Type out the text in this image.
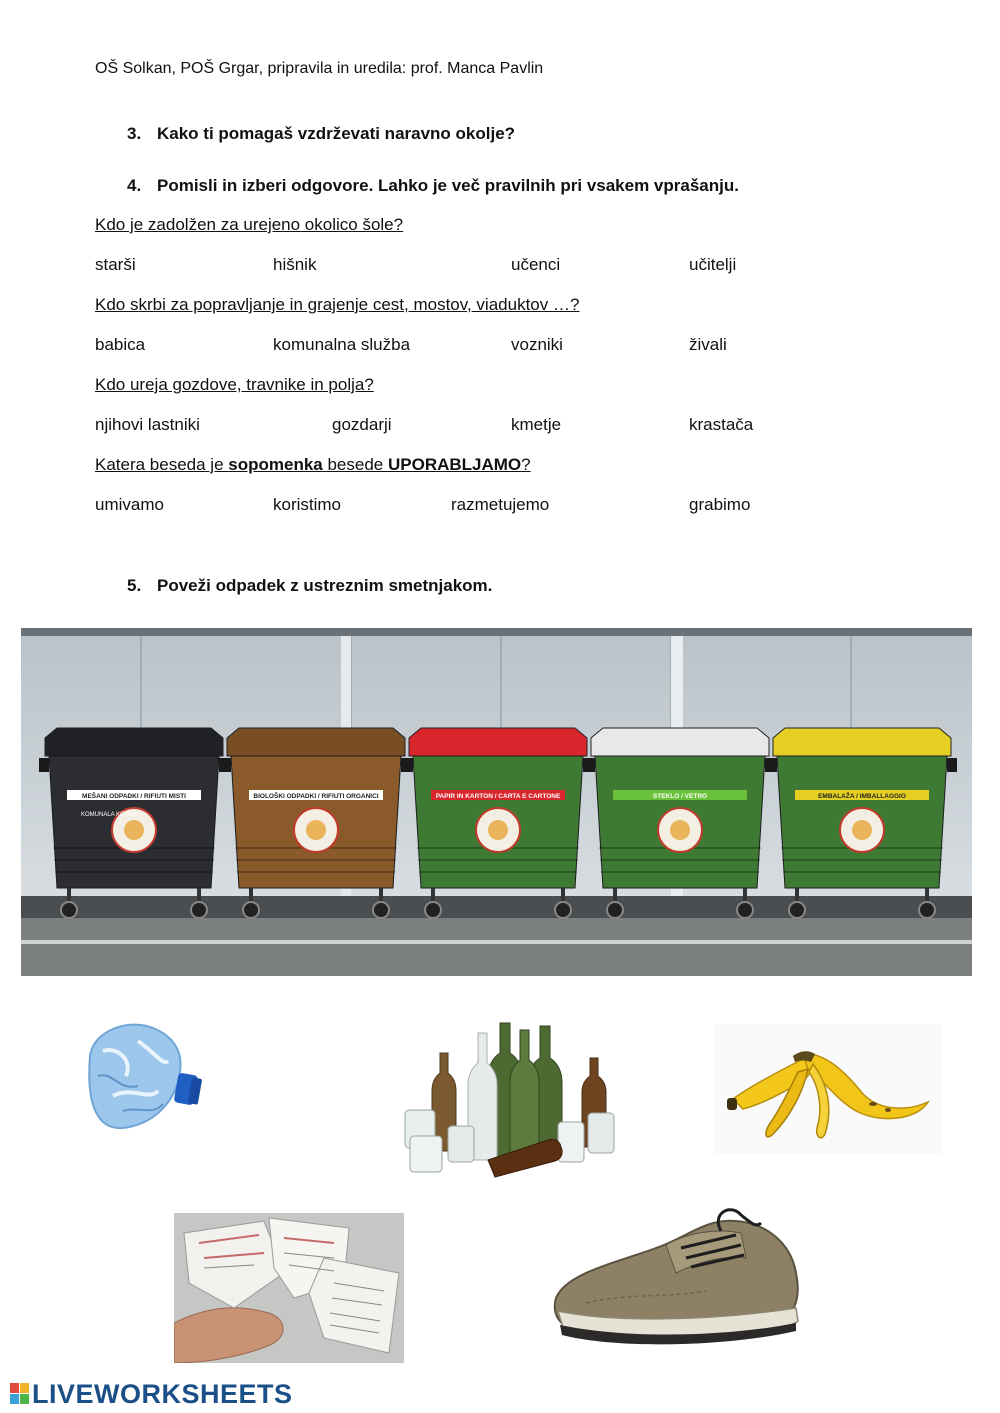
OŠ Solkan, POŠ Grgar, pripravila in uredila: prof. Manca Pavlin
3. Kako ti pomagaš vzdrževati naravno okolje?
4. Pomisli in izberi odgovore. Lahko je več pravilnih pri vsakem vprašanju.
Kdo je zadolžen za urejeno okolico šole?
starši	hišnik	učenci	učitelji
Kdo skrbi za popravljanje in grajenje cest, mostov, viaduktov …?
babica	komunalna služba	vozniki	živali
Kdo ureja gozdove, travnike in polja?
njihovi lastniki	gozdarji	kmetje	krastača
Katera beseda je sopomenka besede UPORABLJAMO?
umivamo	koristimo	razmetujemo	grabimo
5. Poveži odpadek z ustreznim smetnjakom.
MEŠANI ODPADKI / RIFIUTI MISTI
KOMUNALA KOPER
BIOLOŠKI ODPADKI / RIFIUTI ORGANICI	PAPIR IN KARTON / CARTA E CARTONE	STEKLO / VETRO	EMBALAŽA / IMBALLAGGIO
LIVEWORKSHEETS
